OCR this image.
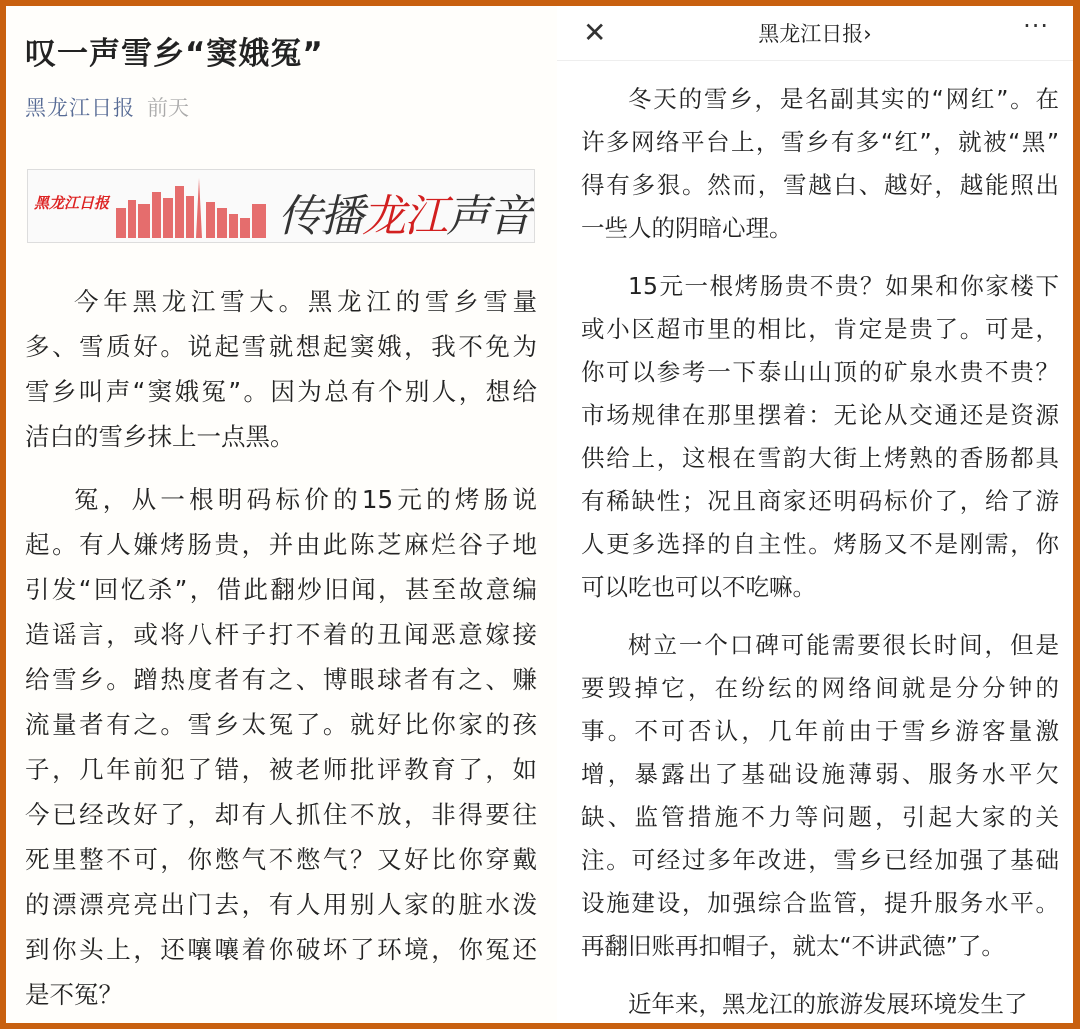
叹一声雪乡“窦娥冤”
黑龙江日报 前天
黑龙江日报	传播龙江声音
今年黑龙江雪大。黑龙江的雪乡雪量
多、雪质好。说起雪就想起窦娥，我不免为
雪乡叫声“窦娥冤”。因为总有个别人，想给
洁白的雪乡抹上一点黑。
冤，从一根明码标价的15元的烤肠说
起。有人嫌烤肠贵，并由此陈芝麻烂谷子地
引发“回忆杀”，借此翻炒旧闻，甚至故意编
造谣言，或将八杆子打不着的丑闻恶意嫁接
给雪乡。蹭热度者有之、博眼球者有之、赚
流量者有之。雪乡太冤了。就好比你家的孩
子，几年前犯了错，被老师批评教育了，如
今已经改好了，却有人抓住不放，非得要往
死里整不可，你憋气不憋气？又好比你穿戴
的漂漂亮亮出门去，有人用别人家的脏水泼
到你头上，还嚷嚷着你破坏了环境，你冤还
是不冤？
✕	黑龙江日报›	···
冬天的雪乡，是名副其实的“网红”。在
许多网络平台上，雪乡有多“红”，就被“黑”
得有多狠。然而，雪越白、越好，越能照出
一些人的阴暗心理。
15元一根烤肠贵不贵？如果和你家楼下
或小区超市里的相比，肯定是贵了。可是，
你可以参考一下泰山山顶的矿泉水贵不贵？
市场规律在那里摆着：无论从交通还是资源
供给上，这根在雪韵大街上烤熟的香肠都具
有稀缺性；况且商家还明码标价了，给了游
人更多选择的自主性。烤肠又不是刚需，你
可以吃也可以不吃嘛。
树立一个口碑可能需要很长时间，但是
要毁掉它，在纷纭的网络间就是分分钟的
事。不可否认，几年前由于雪乡游客量激
增，暴露出了基础设施薄弱、服务水平欠
缺、监管措施不力等问题，引起大家的关
注。可经过多年改进，雪乡已经加强了基础
设施建设，加强综合监管，提升服务水平。
再翻旧账再扣帽子，就太“不讲武德”了。
近年来，黑龙江的旅游发展环境发生了
